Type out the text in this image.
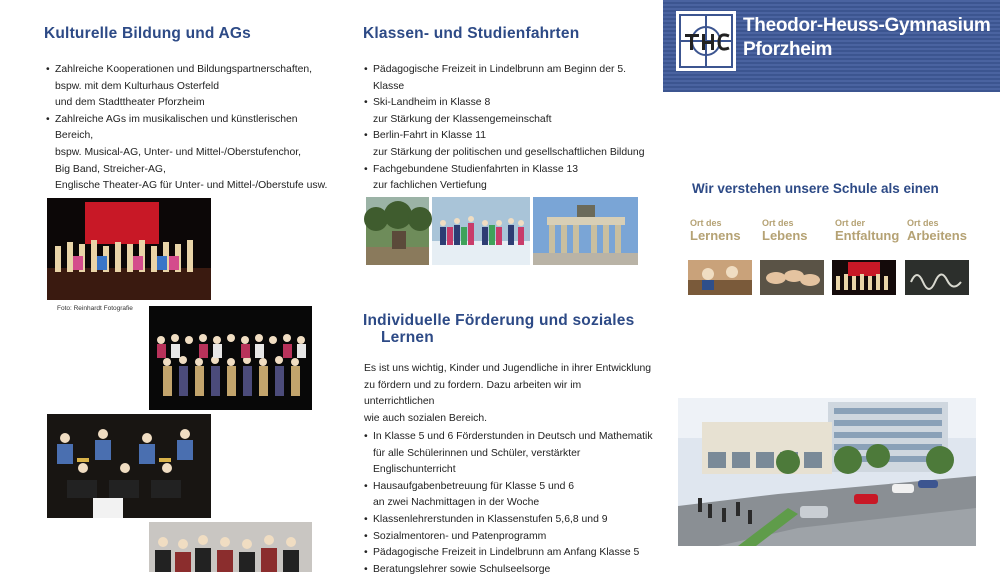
Kulturelle Bildung und AGs
• Zahlreiche Kooperationen und Bildungspartnerschaften,
bspw. mit dem Kulturhaus Osterfeld
und dem Stadttheater Pforzheim
• Zahlreiche AGs im musikalischen und künstlerischen Bereich,
bspw. Musical-AG, Unter- und Mittel-/Oberstufenchor,
Big Band, Streicher-AG,
Englische Theater-AG für Unter- und Mittel-/Oberstufe usw.
Foto: Reinhardt Fotografie
Klassen- und Studienfahrten
• Pädagogische Freizeit in Lindelbrunn am Beginn der 5. Klasse
• Ski-Landheim in Klasse 8
zur Stärkung der Klassengemeinschaft
• Berlin-Fahrt in Klasse 11
zur Stärkung der politischen und gesellschaftlichen Bildung
• Fachgebundene Studienfahrten in Klasse 13
zur fachlichen Vertiefung
Individuelle Förderung und soziales
Lernen
Es ist uns wichtig, Kinder und Jugendliche in ihrer Entwicklung
zu fördern und zu fordern. Dazu arbeiten wir im unterrichtlichen
wie auch sozialen Bereich.
• In Klasse 5 und 6 Förderstunden in Deutsch und Mathematik
für alle Schülerinnen und Schüler, verstärkter Englischunterricht
• Hausaufgabenbetreuung für Klasse 5 und 6
an zwei Nachmittagen in der Woche
• Klassenlehrerstunden in Klassenstufen 5,6,8 und 9
• Sozialmentoren- und Patenprogramm
• Pädagogische Freizeit in Lindelbrunn am Anfang Klasse 5
• Beratungslehrer sowie Schulseelsorge
Theodor-Heuss-Gymnasium
Pforzheim
Wir verstehen unsere Schule als einen
Ort des
Lernens
Ort des
Lebens
Ort der
Entfaltung
Ort des
Arbeitens
